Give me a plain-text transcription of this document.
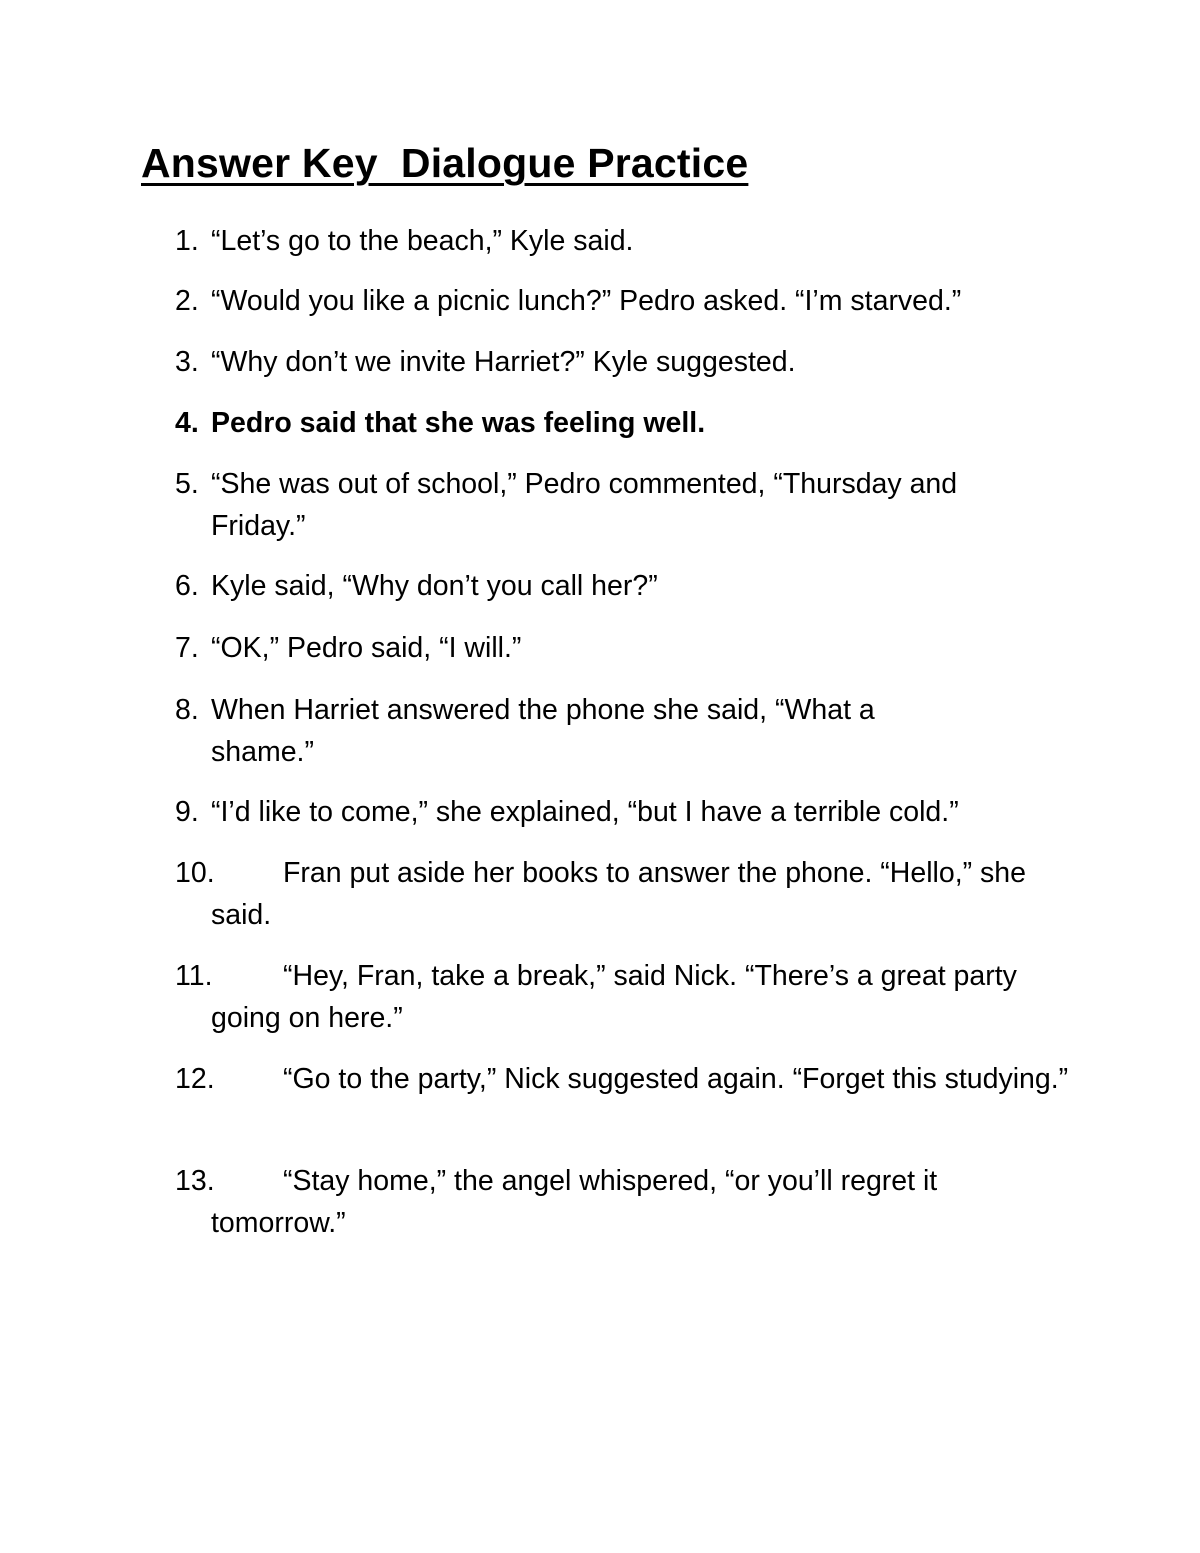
Answer Key  Dialogue Practice
1. “Let’s go to the beach,” Kyle said.
2. “Would you like a picnic lunch?” Pedro asked. “I’m starved.”
3. “Why don’t we invite Harriet?” Kyle suggested.
4. Pedro said that she was feeling well.
5. “She was out of school,” Pedro commented, “Thursday and Friday.”
6. Kyle said, “Why don’t you call her?”
7. “OK,” Pedro said, “I will.”
8. When Harriet answered the phone she said, “What a shame.”
9. “I’d like to come,” she explained, “but I have a terrible cold.”
10.	Fran put aside her books to answer the phone. “Hello,” she said.
11.	“Hey, Fran, take a break,” said Nick. “There’s a great party going on here.”
12.	“Go to the party,” Nick suggested again. “Forget this studying.”
13.	“Stay home,” the angel whispered, “or you’ll regret it tomorrow.”
